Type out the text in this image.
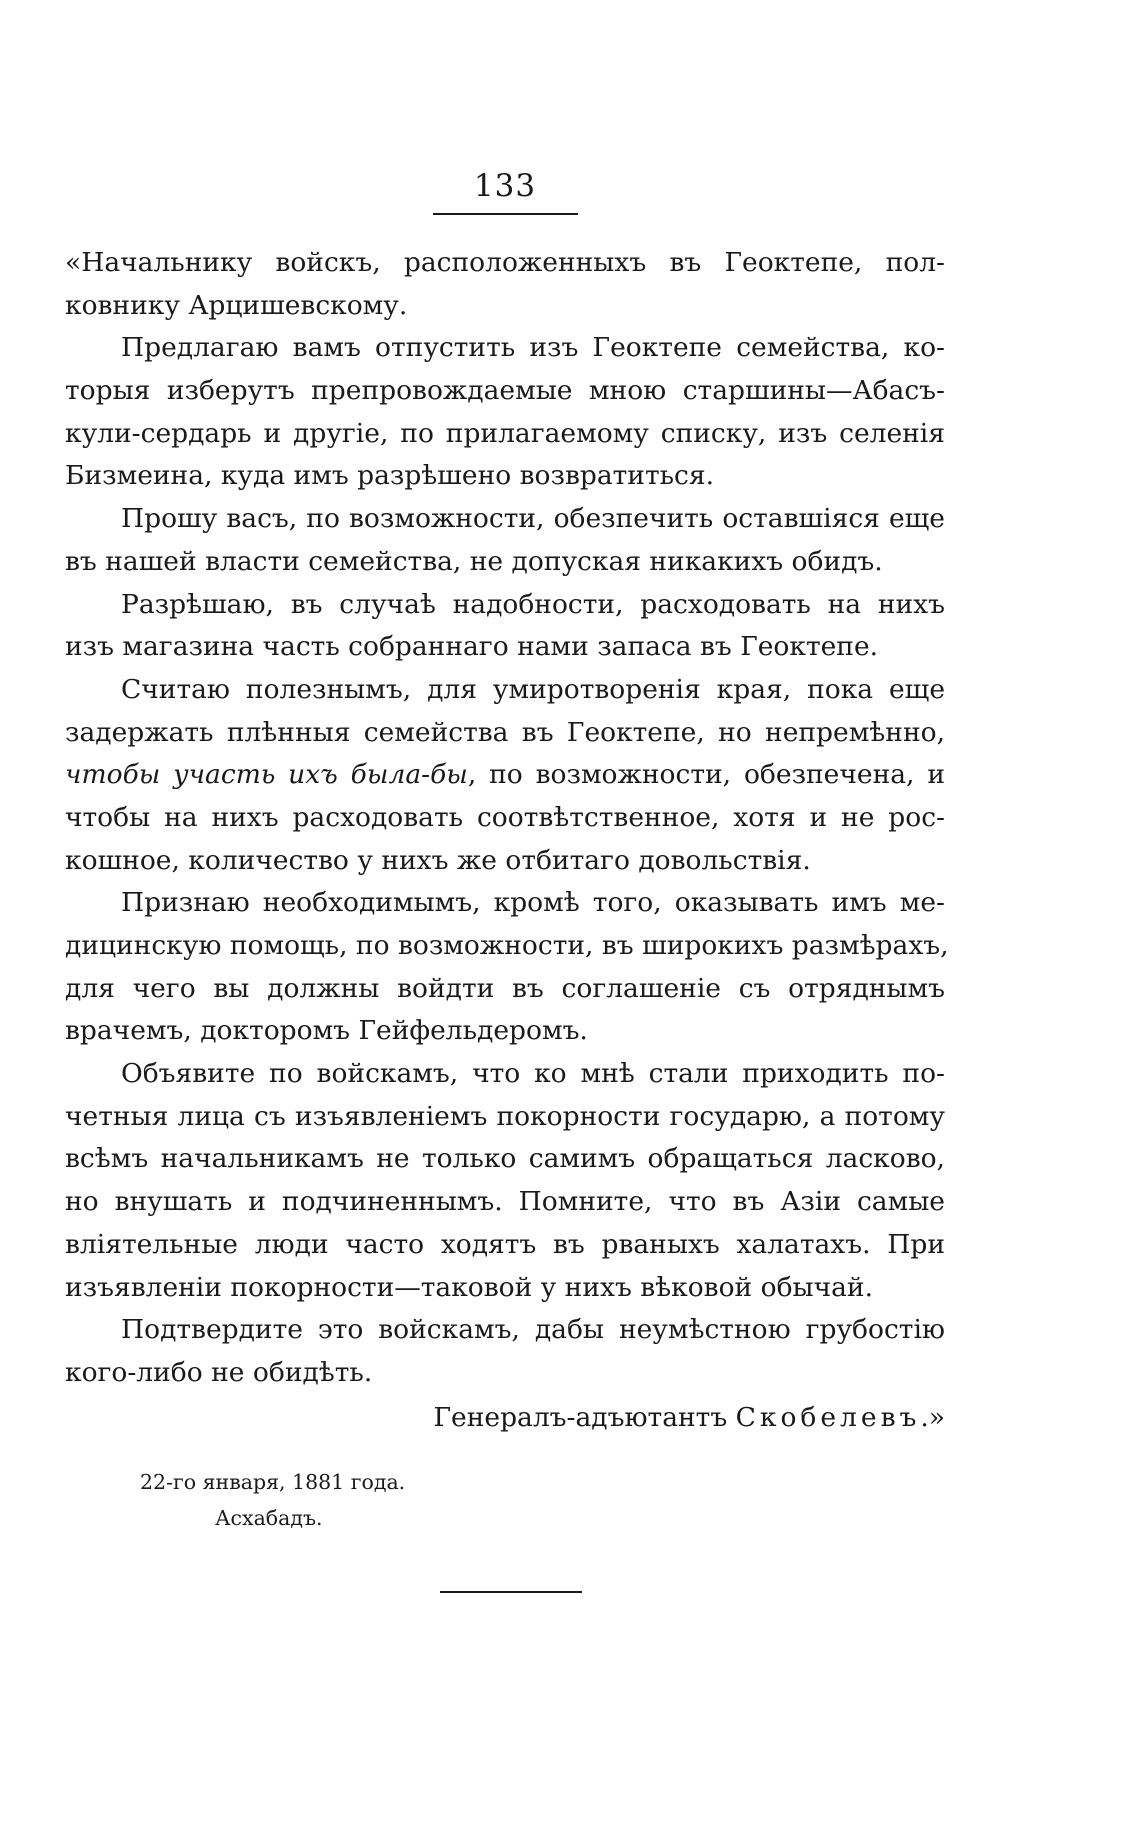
133
«Начальнику войскъ, расположенныхъ въ Геоктепе, пол-
ковнику Арцишевскому.
Предлагаю вамъ отпустить изъ Геоктепе семейства, ко-
торыя изберутъ препровождаемые мною старшины—Абасъ-
кули-сердарь и другіе, по прилагаемому списку, изъ селенія
Бизмеина, куда имъ разрѣшено возвратиться.
Прошу васъ, по возможности, обезпечить оставшіяся еще
въ нашей власти семейства, не допуская никакихъ обидъ.
Разрѣшаю, въ случаѣ надобности, расходовать на нихъ
изъ магазина часть собраннаго нами запаса въ Геоктепе.
Считаю полезнымъ, для умиротворенія края, пока еще
задержать плѣнныя семейства въ Геоктепе, но непремѣнно,
чтобы участь ихъ была-бы, по возможности, обезпечена, и
чтобы на нихъ расходовать соотвѣтственное, хотя и не рос-
кошное, количество у нихъ же отбитаго довольствія.
Признаю необходимымъ, кромѣ того, оказывать имъ ме-
дицинскую помощь, по возможности, въ широкихъ размѣрахъ,
для чего вы должны войдти въ соглашеніе съ отряднымъ
врачемъ, докторомъ Гейфельдеромъ.
Объявите по войскамъ, что ко мнѣ стали приходить по-
четныя лица съ изъявленіемъ покорности государю, а потому
всѣмъ начальникамъ не только самимъ обращаться ласково,
но внушать и подчиненнымъ. Помните, что въ Азіи самые
вліятельные люди часто ходятъ въ рваныхъ халатахъ. При
изъявленіи покорности—таковой у нихъ вѣковой обычай.
Подтвердите это войскамъ, дабы неумѣстною грубостію
кого-либо не обидѣть.
Генералъ-адъютантъ Скобелевъ.»
22-го января, 1881 года.
Асхабадъ.
